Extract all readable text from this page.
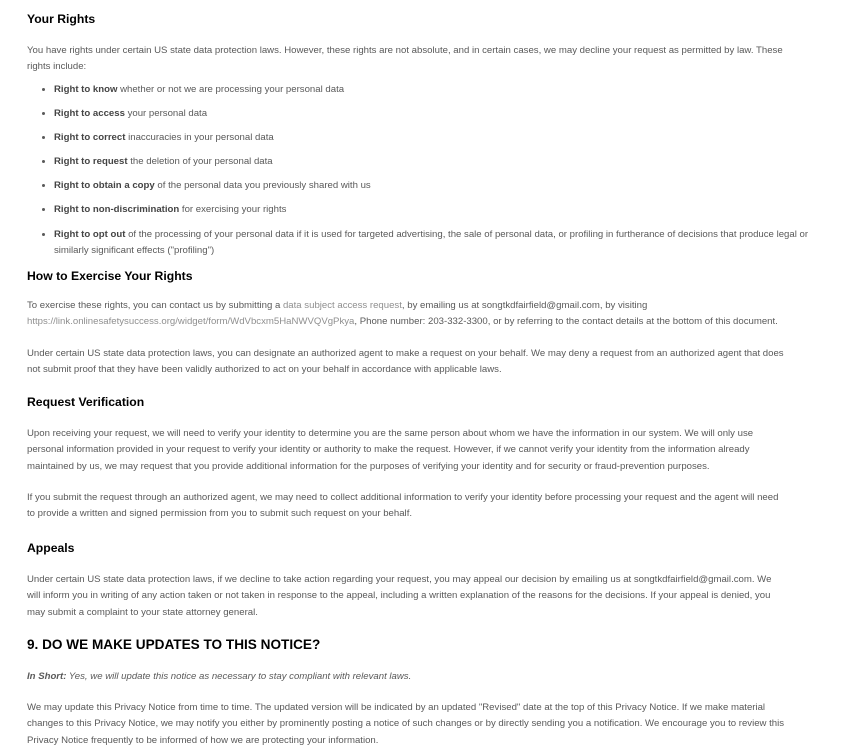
Your Rights

You have rights under certain US state data protection laws. However, these rights are not absolute, and in certain cases, we may decline your request as permitted by law. These rights include:

• Right to know whether or not we are processing your personal data
• Right to access your personal data
• Right to correct inaccuracies in your personal data
• Right to request the deletion of your personal data
• Right to obtain a copy of the personal data you previously shared with us
• Right to non-discrimination for exercising your rights
• Right to opt out of the processing of your personal data if it is used for targeted advertising, the sale of personal data, or profiling in furtherance of decisions that produce legal or similarly significant effects ("profiling")
How to Exercise Your Rights

To exercise these rights, you can contact us by submitting a data subject access request, by emailing us at songtkdfairfield@gmail.com, by visiting https://link.onlinesafetysuccess.org/widget/form/WdVbcxm5HaNWVQVgPkya, Phone number: 203-332-3300, or by referring to the contact details at the bottom of this document.

Under certain US state data protection laws, you can designate an authorized agent to make a request on your behalf. We may deny a request from an authorized agent that does not submit proof that they have been validly authorized to act on your behalf in accordance with applicable laws.

Request Verification

Upon receiving your request, we will need to verify your identity to determine you are the same person about whom we have the information in our system. We will only use personal information provided in your request to verify your identity or authority to make the request. However, if we cannot verify your identity from the information already maintained by us, we may request that you provide additional information for the purposes of verifying your identity and for security or fraud-prevention purposes.

If you submit the request through an authorized agent, we may need to collect additional information to verify your identity before processing your request and the agent will need to provide a written and signed permission from you to submit such request on your behalf.

Appeals

Under certain US state data protection laws, if we decline to take action regarding your request, you may appeal our decision by emailing us at songtkdfairfield@gmail.com. We will inform you in writing of any action taken or not taken in response to the appeal, including a written explanation of the reasons for the decisions. If your appeal is denied, you may submit a complaint to your state attorney general.

9. DO WE MAKE UPDATES TO THIS NOTICE?

In Short: Yes, we will update this notice as necessary to stay compliant with relevant laws.

We may update this Privacy Notice from time to time. The updated version will be indicated by an updated "Revised" date at the top of this Privacy Notice. If we make material changes to this Privacy Notice, we may notify you either by prominently posting a notice of such changes or by directly sending you a notification. We encourage you to review this Privacy Notice frequently to be informed of how we are protecting your information.
